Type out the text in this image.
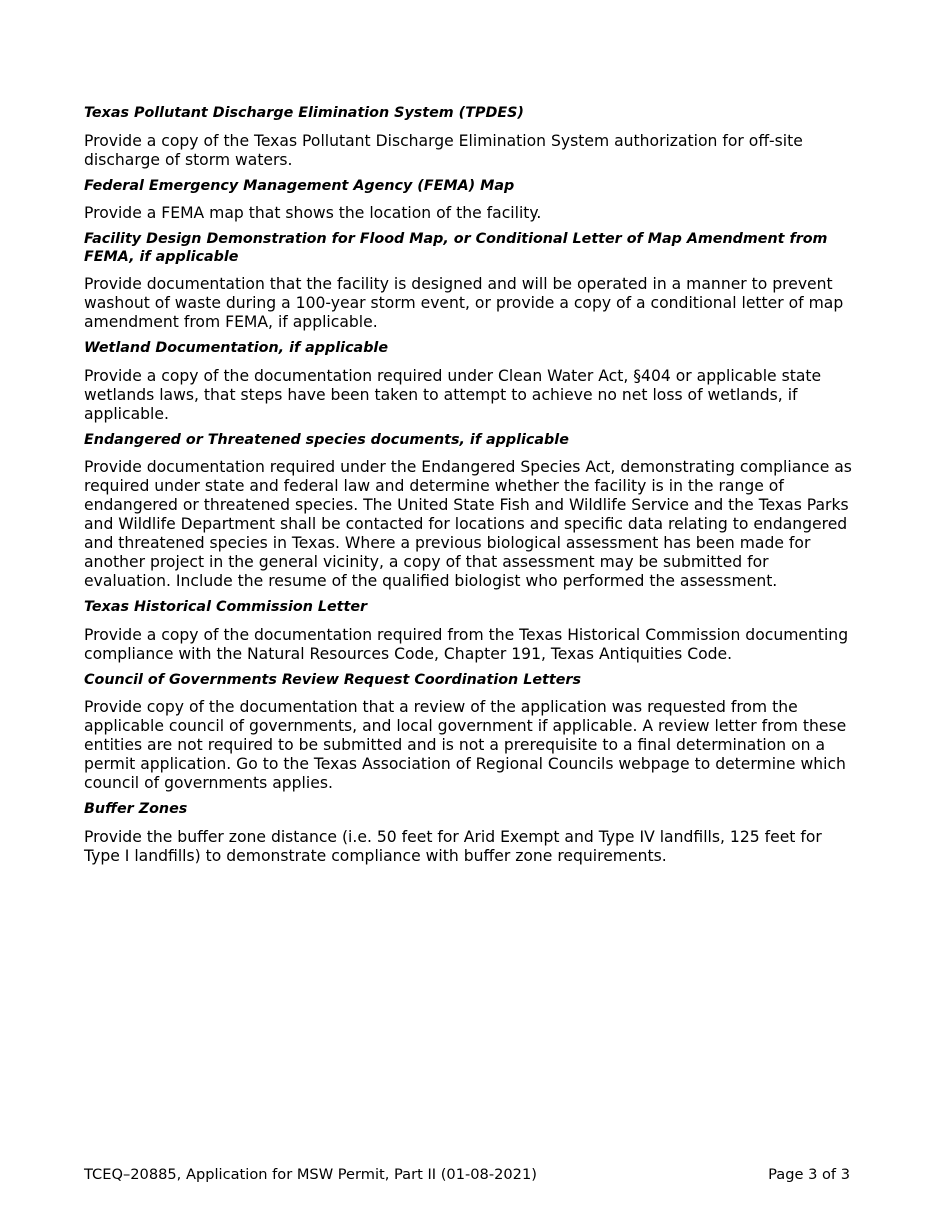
Texas Pollutant Discharge Elimination System (TPDES)
Provide a copy of the Texas Pollutant Discharge Elimination System authorization for off-site discharge of storm waters.
Federal Emergency Management Agency (FEMA) Map
Provide a FEMA map that shows the location of the facility.
Facility Design Demonstration for Flood Map, or Conditional Letter of Map Amendment from FEMA, if applicable
Provide documentation that the facility is designed and will be operated in a manner to prevent washout of waste during a 100-year storm event, or provide a copy of a conditional letter of map amendment from FEMA, if applicable.
Wetland Documentation, if applicable
Provide a copy of the documentation required under Clean Water Act, §404 or applicable state wetlands laws, that steps have been taken to attempt to achieve no net loss of wetlands, if applicable.
Endangered or Threatened species documents, if applicable
Provide documentation required under the Endangered Species Act, demonstrating compliance as required under state and federal law and determine whether the facility is in the range of endangered or threatened species. The United State Fish and Wildlife Service and the Texas Parks and Wildlife Department shall be contacted for locations and specific data relating to endangered and threatened species in Texas. Where a previous biological assessment has been made for another project in the general vicinity, a copy of that assessment may be submitted for evaluation. Include the resume of the qualified biologist who performed the assessment.
Texas Historical Commission Letter
Provide a copy of the documentation required from the Texas Historical Commission documenting compliance with the Natural Resources Code, Chapter 191, Texas Antiquities Code.
Council of Governments Review Request Coordination Letters
Provide copy of the documentation that a review of the application was requested from the applicable council of governments, and local government if applicable. A review letter from these entities are not required to be submitted and is not a prerequisite to a final determination on a permit application. Go to the Texas Association of Regional Councils webpage to determine which council of governments applies.
Buffer Zones
Provide the buffer zone distance (i.e. 50 feet for Arid Exempt and Type IV landfills, 125 feet for Type I landfills) to demonstrate compliance with buffer zone requirements.
TCEQ–20885, Application for MSW Permit, Part II (01-08-2021)	Page 3 of 3
